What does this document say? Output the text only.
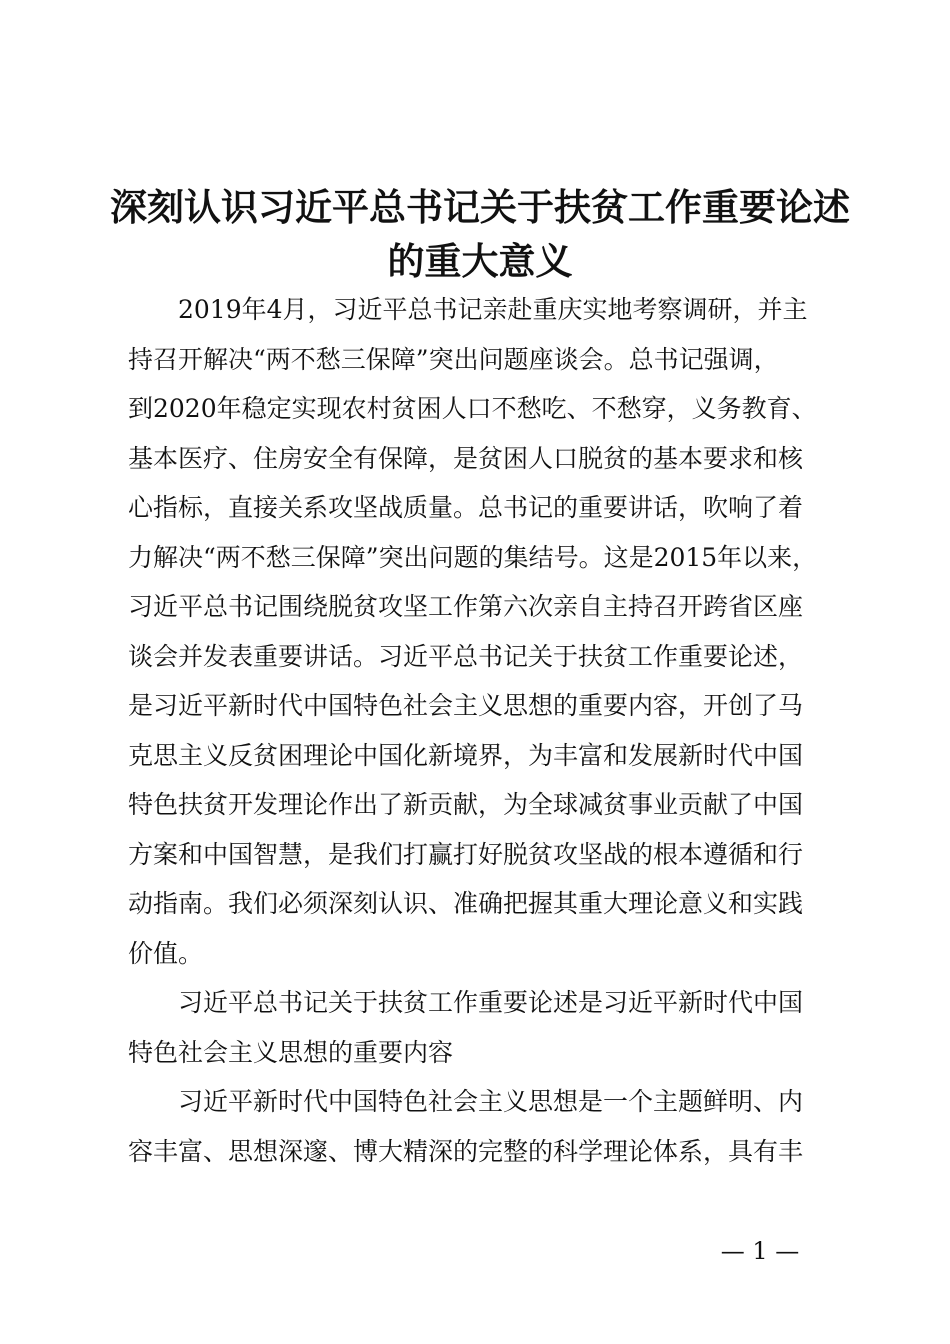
深刻认识习近平总书记关于扶贫工作重要论述
的重大意义
　　2019年4月，习近平总书记亲赴重庆实地考察调研，并主
持召开解决“两不愁三保障”突出问题座谈会。总书记强调，
到2020年稳定实现农村贫困人口不愁吃、不愁穿，义务教育、
基本医疗、住房安全有保障，是贫困人口脱贫的基本要求和核
心指标，直接关系攻坚战质量。总书记的重要讲话，吹响了着
力解决“两不愁三保障”突出问题的集结号。这是2015年以来，
习近平总书记围绕脱贫攻坚工作第六次亲自主持召开跨省区座
谈会并发表重要讲话。习近平总书记关于扶贫工作重要论述，
是习近平新时代中国特色社会主义思想的重要内容，开创了马
克思主义反贫困理论中国化新境界，为丰富和发展新时代中国
特色扶贫开发理论作出了新贡献，为全球减贫事业贡献了中国
方案和中国智慧，是我们打赢打好脱贫攻坚战的根本遵循和行
动指南。我们必须深刻认识、准确把握其重大理论意义和实践
价值。
　　习近平总书记关于扶贫工作重要论述是习近平新时代中国
特色社会主义思想的重要内容
　　习近平新时代中国特色社会主义思想是一个主题鲜明、内
容丰富、思想深邃、博大精深的完整的科学理论体系，具有丰
— 1 —
